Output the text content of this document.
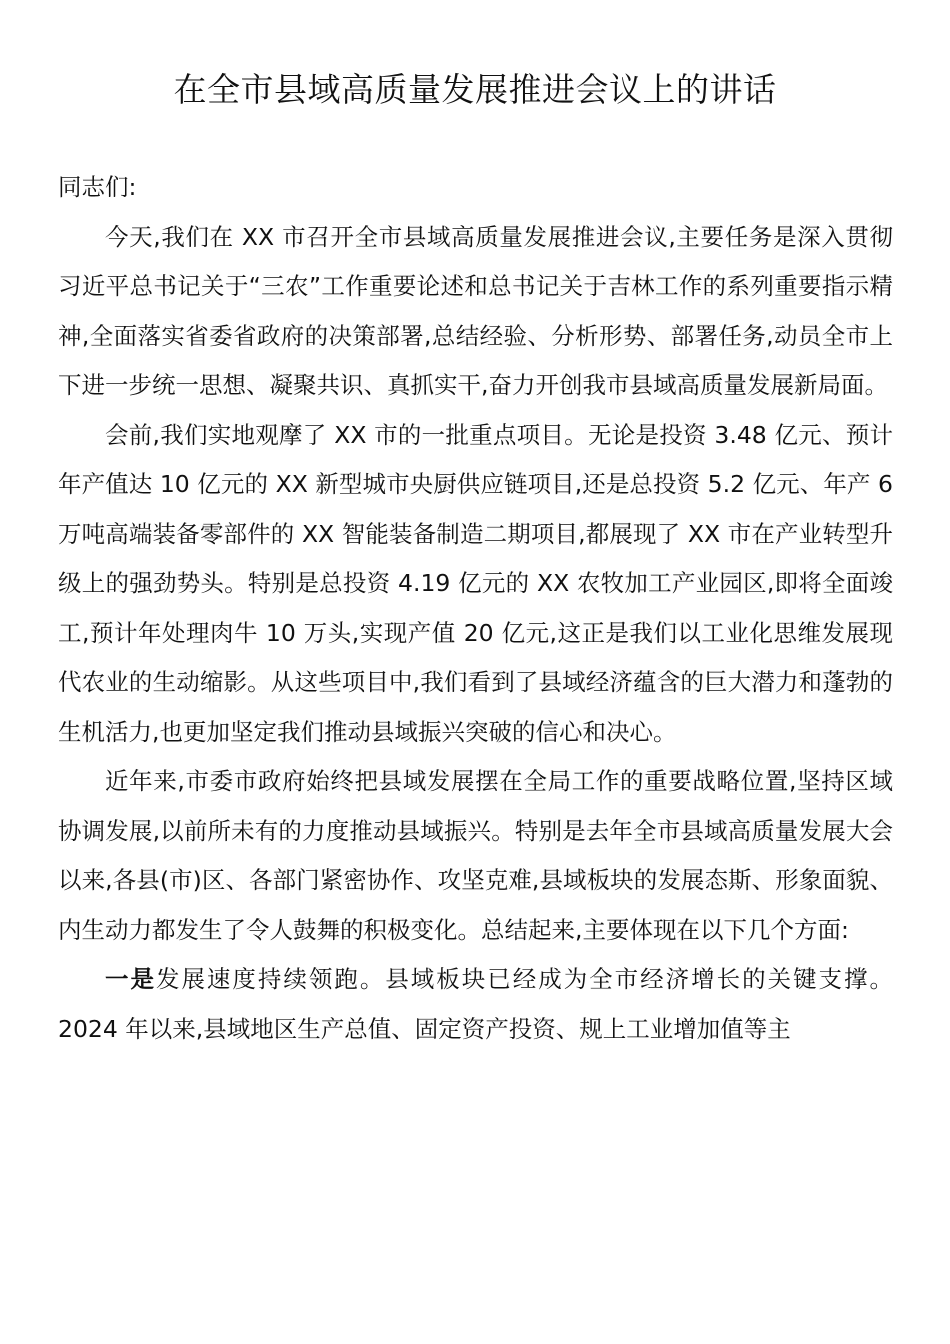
在全市县域高质量发展推进会议上的讲话

同志们:

今天,我们在 XX 市召开全市县域高质量发展推进会议,主要任务是深入贯彻习近平总书记关于“三农”工作重要论述和总书记关于吉林工作的系列重要指示精神,全面落实省委省政府的决策部署,总结经验、分析形势、部署任务,动员全市上下进一步统一思想、凝聚共识、真抓实干,奋力开创我市县域高质量发展新局面。

会前,我们实地观摩了 XX 市的一批重点项目。无论是投资 3.48 亿元、预计年产值达 10 亿元的 XX 新型城市央厨供应链项目,还是总投资 5.2 亿元、年产 6 万吨高端装备零部件的 XX 智能装备制造二期项目,都展现了 XX 市在产业转型升级上的强劲势头。特别是总投资 4.19 亿元的 XX 农牧加工产业园区,即将全面竣工,预计年处理肉牛 10 万头,实现产值 20 亿元,这正是我们以工业化思维发展现代农业的生动缩影。从这些项目中,我们看到了县域经济蕴含的巨大潜力和蓬勃的生机活力,也更加坚定我们推动县域振兴突破的信心和决心。

近年来,市委市政府始终把县域发展摆在全局工作的重要战略位置,坚持区域协调发展,以前所未有的力度推动县域振兴。特别是去年全市县域高质量发展大会以来,各县(市)区、各部门紧密协作、攻坚克难,县域板块的发展态斯、形象面貌、内生动力都发生了令人鼓舞的积极变化。总结起来,主要体现在以下几个方面:

一是发展速度持续领跑。县域板块已经成为全市经济增长的关键支撑。2024 年以来,县域地区生产总值、固定资产投资、规上工业增加值等主
